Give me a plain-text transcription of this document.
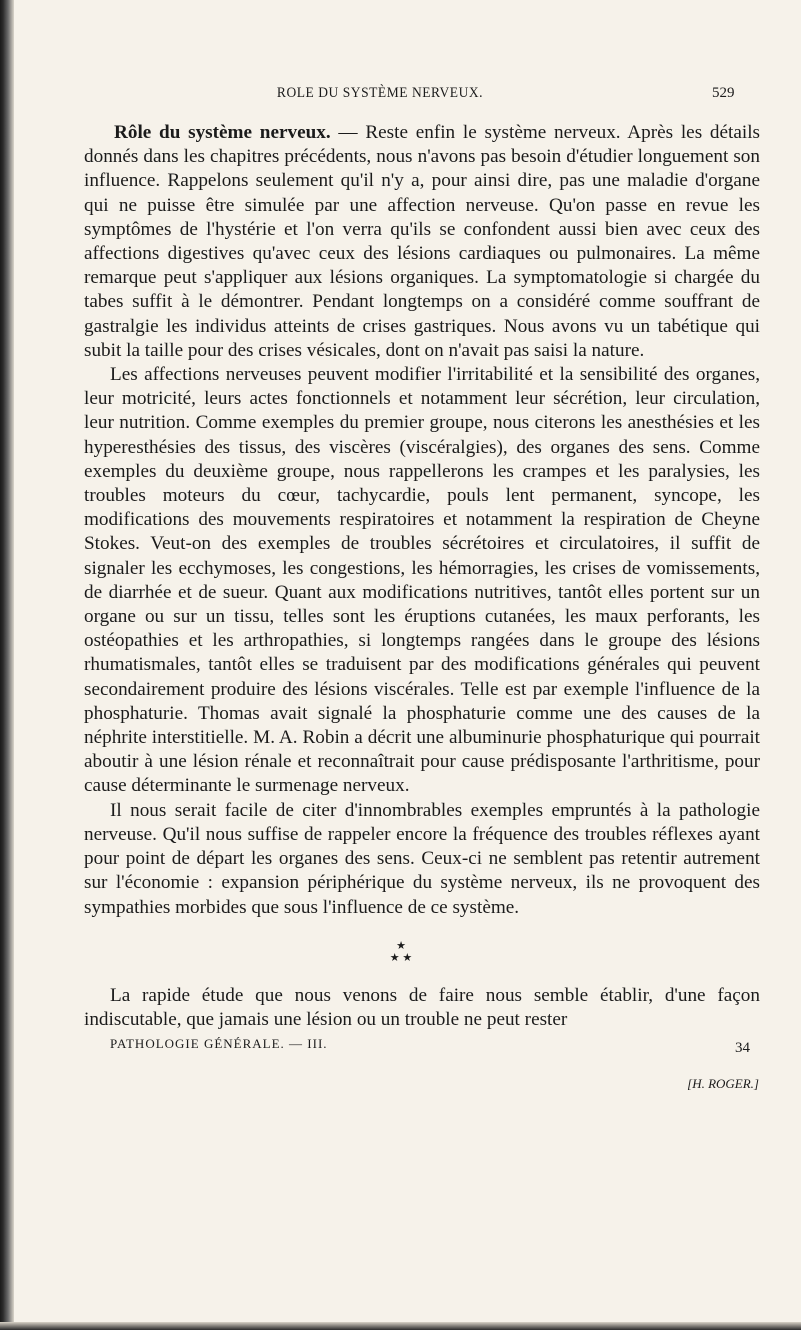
ROLE DU SYSTÈME NERVEUX.	529

Rôle du système nerveux. — Reste enfin le système nerveux. Après les détails donnés dans les chapitres précédents, nous n'avons pas besoin d'étudier longuement son influence. Rappelons seulement qu'il n'y a, pour ainsi dire, pas une maladie d'organe qui ne puisse être simulée par une affection nerveuse. Qu'on passe en revue les symptômes de l'hystérie et l'on verra qu'ils se confondent aussi bien avec ceux des affections digestives qu'avec ceux des lésions cardiaques ou pulmonaires. La même remarque peut s'appliquer aux lésions organiques. La symptomatologie si chargée du tabes suffit à le démontrer. Pendant longtemps on a considéré comme souffrant de gastralgie les individus atteints de crises gastriques. Nous avons vu un tabétique qui subit la taille pour des crises vésicales, dont on n'avait pas saisi la nature.

Les affections nerveuses peuvent modifier l'irritabilité et la sensibilité des organes, leur motricité, leurs actes fonctionnels et notamment leur sécrétion, leur circulation, leur nutrition. Comme exemples du premier groupe, nous citerons les anesthésies et les hyperesthésies des tissus, des viscères (viscéralgies), des organes des sens. Comme exemples du deuxième groupe, nous rappellerons les crampes et les paralysies, les troubles moteurs du cœur, tachycardie, pouls lent permanent, syncope, les modifications des mouvements respiratoires et notamment la respiration de Cheyne Stokes. Veut-on des exemples de troubles sécrétoires et circulatoires, il suffit de signaler les ecchymoses, les congestions, les hémorragies, les crises de vomissements, de diarrhée et de sueur. Quant aux modifications nutritives, tantôt elles portent sur un organe ou sur un tissu, telles sont les éruptions cutanées, les maux perforants, les ostéopathies et les arthropathies, si longtemps rangées dans le groupe des lésions rhumatismales, tantôt elles se traduisent par des modifications générales qui peuvent secondairement produire des lésions viscérales. Telle est par exemple l'influence de la phosphaturie. Thomas avait signalé la phosphaturie comme une des causes de la néphrite interstitielle. M. A. Robin a décrit une albuminurie phosphaturique qui pourrait aboutir à une lésion rénale et reconnaîtrait pour cause prédisposante l'arthritisme, pour cause déterminante le surmenage nerveux.

Il nous serait facile de citer d'innombrables exemples empruntés à la pathologie nerveuse. Qu'il nous suffise de rappeler encore la fréquence des troubles réflexes ayant pour point de départ les organes des sens. Ceux-ci ne semblent pas retentir autrement sur l'économie : expansion périphérique du système nerveux, ils ne provoquent des sympathies morbides que sous l'influence de ce système.

★
★ ★

La rapide étude que nous venons de faire nous semble établir, d'une façon indiscutable, que jamais une lésion ou un trouble ne peut rester

PATHOLOGIE GÉNÉRALE. — III.	34
[H. ROGER.]
